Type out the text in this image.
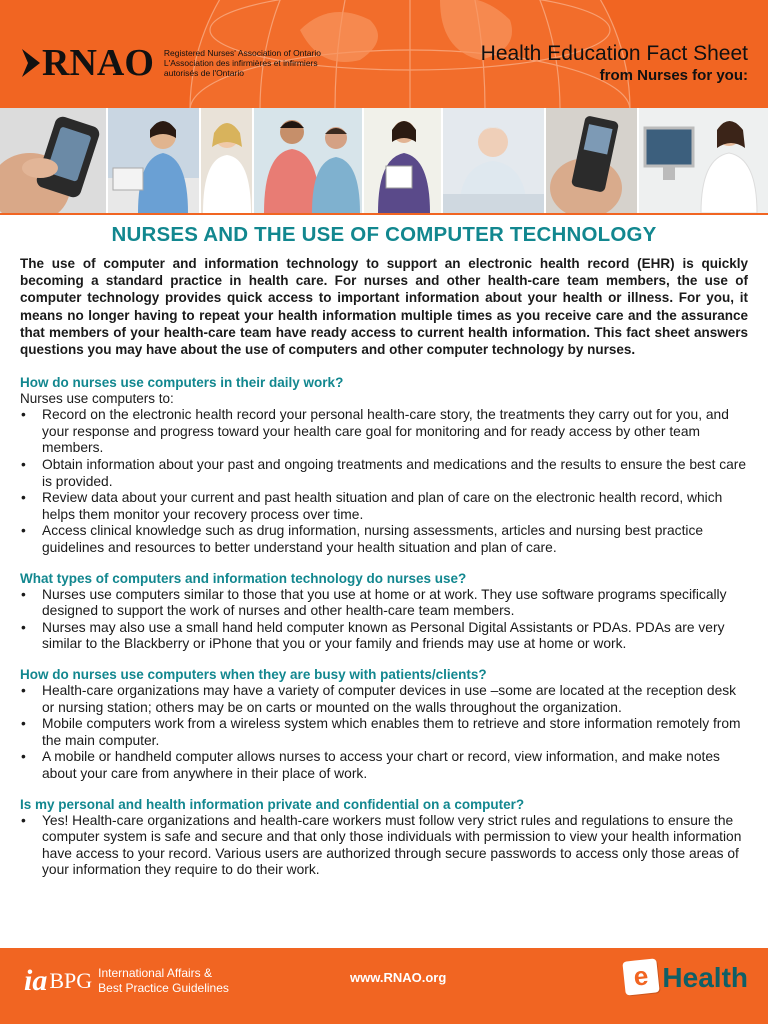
RNAO Registered Nurses' Association of Ontario
L'Association des infirmières et infirmiers
autorisés de l'Ontario
Health Education Fact Sheet
from Nurses for you:
NURSES AND THE USE OF COMPUTER TECHNOLOGY

The use of computer and information technology to support an electronic health record (EHR) is quickly becoming a standard practice in health care. For nurses and other health-care team members, the use of computer technology provides quick access to important information about your health or illness. For you, it means no longer having to repeat your health information multiple times as you receive care and the assurance that members of your health-care team have ready access to current health information. This fact sheet answers questions you may have about the use of computers and other computer technology by nurses.

How do nurses use computers in their daily work?

Nurses use computers to:

• Record on the electronic health record your personal health-care story, the treatments they carry out for you, and your response and progress toward your health care goal for monitoring and for ready access by other team members.
• Obtain information about your past and ongoing treatments and medications and the results to ensure the best care is provided.
• Review data about your current and past health situation and plan of care on the electronic health record, which helps them monitor your recovery process over time.
• Access clinical knowledge such as drug information, nursing assessments, articles and nursing best practice guidelines and resources to better understand your health situation and plan of care.

What types of computers and information technology do nurses use?

• Nurses use computers similar to those that you use at home or at work. They use software programs specifically designed to support the work of nurses and other health-care team members.
• Nurses may also use a small hand held computer known as Personal Digital Assistants or PDAs. PDAs are very similar to the Blackberry or iPhone that you or your family and friends may use at home or work.

How do nurses use computers when they are busy with patients/clients?

• Health-care organizations may have a variety of computer devices in use –some are located at the reception desk or nursing station; others may be on carts or mounted on the walls throughout the organization.
• Mobile computers work from a wireless system which enables them to retrieve and store information remotely from the main computer.
• A mobile or handheld computer allows nurses to access your chart or record, view information, and make notes about your care from anywhere in their place of work.

Is my personal and health information private and confidential on a computer?

• Yes! Health-care organizations and health-care workers must follow very strict rules and regulations to ensure the computer system is safe and secure and that only those individuals with permission to view your health information have access to your record. Various users are authorized through secure passwords to access only those areas of your information they require to do their work.
ia BPG International Affairs &
Best Practice Guidelines
www.RNAO.org	e Health
